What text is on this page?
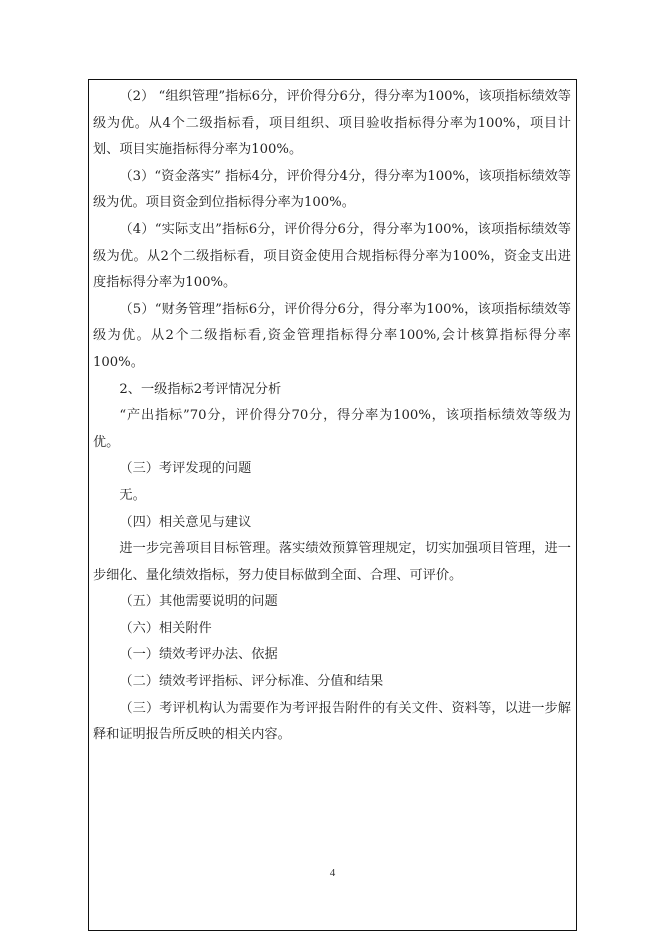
（2） “组织管理”指标6分，评价得分6分，得分率为100%，该项指标绩效等级为优。从4个二级指标看，项目组织、项目验收指标得分率为100%，项目计划、项目实施指标得分率为100%。

（3）“资金落实” 指标4分，评价得分4分，得分率为100%，该项指标绩效等级为优。项目资金到位指标得分率为100%。

（4）“实际支出”指标6分，评价得分6分，得分率为100%，该项指标绩效等级为优。从2个二级指标看，项目资金使用合规指标得分率为100%，资金支出进度指标得分率为100%。

（5）“财务管理”指标6分，评价得分6分，得分率为100%，该项指标绩效等级为优。从2个二级指标看,资金管理指标得分率100%,会计核算指标得分率100%。

2、一级指标2考评情况分析

“产出指标”70分，评价得分70分，得分率为100%，该项指标绩效等级为优。

（三）考评发现的问题

无。

（四）相关意见与建议

进一步完善项目目标管理。落实绩效预算管理规定，切实加强项目管理，进一步细化、量化绩效指标，努力使目标做到全面、合理、可评价。

（五）其他需要说明的问题

（六）相关附件

（一）绩效考评办法、依据

（二）绩效考评指标、评分标准、分值和结果

（三）考评机构认为需要作为考评报告附件的有关文件、资料等，以进一步解释和证明报告所反映的相关内容。

4
